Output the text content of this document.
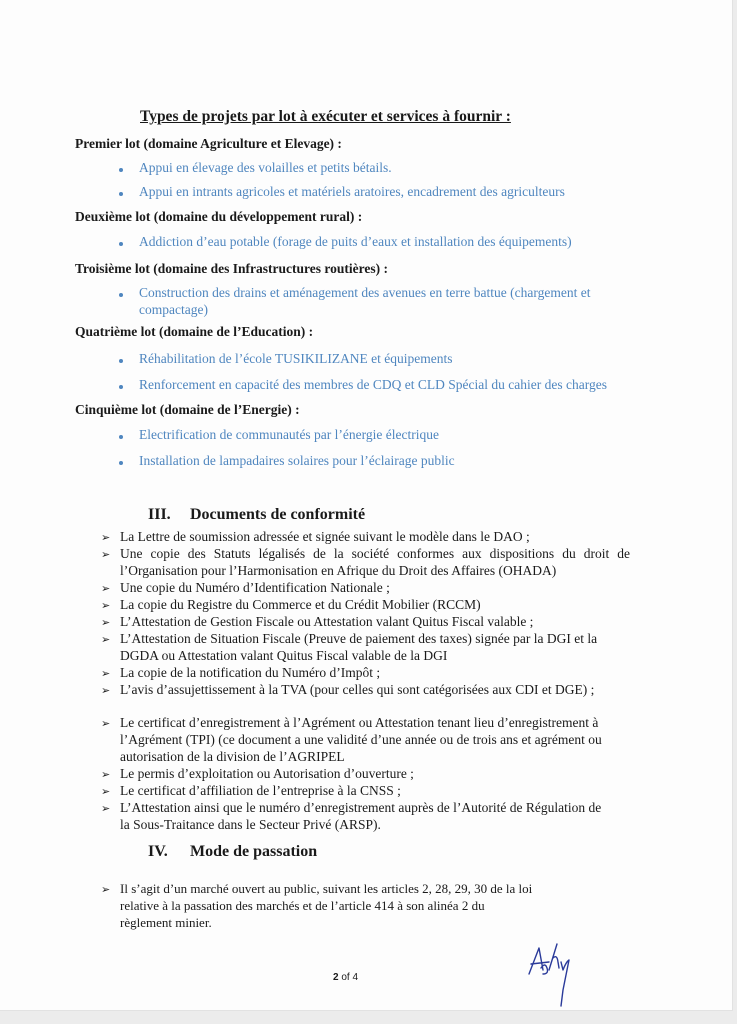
Types de projets par lot à exécuter et services à fournir :
Premier lot (domaine Agriculture et Elevage) :
Appui en élevage des volailles et petits bétails.
Appui en intrants agricoles et matériels aratoires, encadrement des agriculteurs
Deuxième lot (domaine du développement rural) :
Addiction d’eau potable (forage de puits d’eaux et installation des équipements)
Troisième lot (domaine des Infrastructures routières) :
Construction des drains et aménagement des avenues en terre battue (chargement et
compactage)
Quatrième lot (domaine de l’Education) :
Réhabilitation de l’école TUSIKILIZANE et équipements
Renforcement en capacité des membres de CDQ et CLD Spécial du cahier des charges
Cinquième lot (domaine de l’Energie) :
Electrification de communautés par l’énergie électrique
Installation de lampadaires solaires pour l’éclairage public
III. Documents de conformité
➢ La Lettre de soumission adressée et signée suivant le modèle dans le DAO ;
➢ Une copie des Statuts légalisés de la société conformes aux dispositions du droit de
l’Organisation pour l’Harmonisation en Afrique du Droit des Affaires (OHADA)
➢ Une copie du Numéro d’Identification Nationale ;
➢ La copie du Registre du Commerce et du Crédit Mobilier (RCCM)
➢ L’Attestation de Gestion Fiscale ou Attestation valant Quitus Fiscal valable ;
➢ L’Attestation de Situation Fiscale (Preuve de paiement des taxes) signée par la DGI et la
DGDA ou Attestation valant Quitus Fiscal valable de la DGI
➢ La copie de la notification du Numéro d’Impôt ;
➢ L’avis d’assujettissement à la TVA (pour celles qui sont catégorisées aux CDI et DGE) ;
➢ Le certificat d’enregistrement à l’Agrément ou Attestation tenant lieu d’enregistrement à
l’Agrément (TPI) (ce document a une validité d’une année ou de trois ans et agrément ou
autorisation de la division de l’AGRIPEL
➢ Le permis d’exploitation ou Autorisation d’ouverture ;
➢ Le certificat d’affiliation de l’entreprise à la CNSS ;
➢ L’Attestation ainsi que le numéro d’enregistrement auprès de l’Autorité de Régulation de
la Sous-Traitance dans le Secteur Privé (ARSP).
IV. Mode de passation
➢ Il s’agit d’un marché ouvert au public, suivant les articles 2, 28, 29, 30 de la loi
relative à la passation des marchés et de l’article 414 à son alinéa 2 du
règlement minier.
2 of 4
